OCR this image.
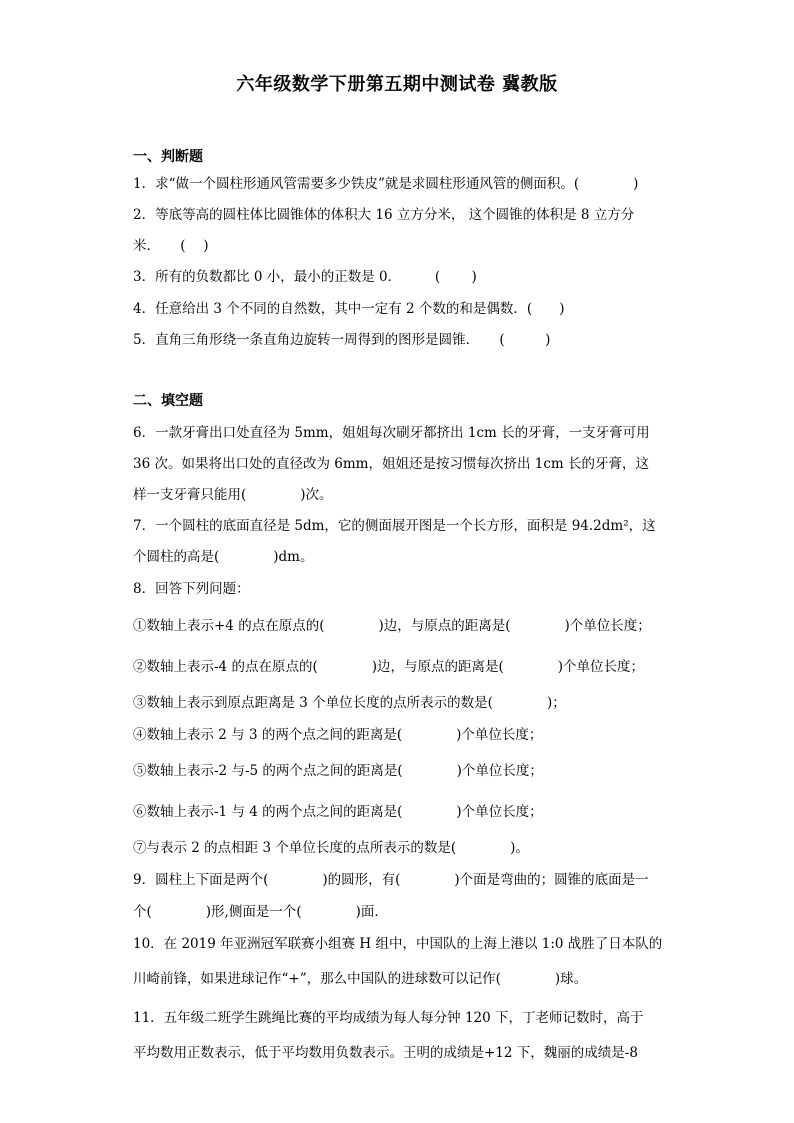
六年级数学下册第五期中测试卷 冀教版
一、判断题
1．求“做一个圆柱形通风管需要多少铁皮”就是求圆柱形通风管的侧面积。(　　　　)
2．等底等高的圆柱体比圆锥体的体积大 16 立方分米， 这个圆锥的体积是 8 立方分
米．　　(　 )
3．所有的负数都比 0 小，最小的正数是 0．　　　(　　 )
4．任意给出 3 个不同的自然数，其中一定有 2 个数的和是偶数．(　　)
5．直角三角形绕一条直角边旋转一周得到的图形是圆锥．　　(　　　)
二、填空题
6．一款牙膏出口处直径为 5mm，姐姐每次刷牙都挤出 1cm 长的牙膏，一支牙膏可用
36 次。如果将出口处的直径改为 6mm，姐姐还是按习惯每次挤出 1cm 长的牙膏，这
样一支牙膏只能用(　　　　)次。
7．一个圆柱的底面直径是 5dm，它的侧面展开图是一个长方形，面积是 94.2dm²，这
个圆柱的高是(　　　　)dm。
8．回答下列问题：
①数轴上表示+4 的点在原点的(　　　　)边，与原点的距离是(　　　　)个单位长度；
②数轴上表示-4 的点在原点的(　　　　)边，与原点的距离是(　　　　)个单位长度；
③数轴上表示到原点距离是 3 个单位长度的点所表示的数是(　　　　)；
④数轴上表示 2 与 3 的两个点之间的距离是(　　　　)个单位长度；
⑤数轴上表示-2 与-5 的两个点之间的距离是(　　　　)个单位长度；
⑥数轴上表示-1 与 4 的两个点之间的距离是(　　　　)个单位长度；
⑦与表示 2 的点相距 3 个单位长度的点所表示的数是(　　　　)。
9．圆柱上下面是两个(　　　　)的圆形，有(　　　　)个面是弯曲的；圆锥的底面是一
个(　　　　)形,侧面是一个(　　　　)面．
10．在 2019 年亚洲冠军联赛小组赛 H 组中，中国队的上海上港以 1:0 战胜了日本队的
川崎前锋，如果进球记作“+”，那么中国队的进球数可以记作(　　　　)球。
11．五年级二班学生跳绳比赛的平均成绩为每人每分钟 120 下，丁老师记数时，高于
平均数用正数表示，低于平均数用负数表示。王明的成绩是+12 下，魏丽的成绩是-8
